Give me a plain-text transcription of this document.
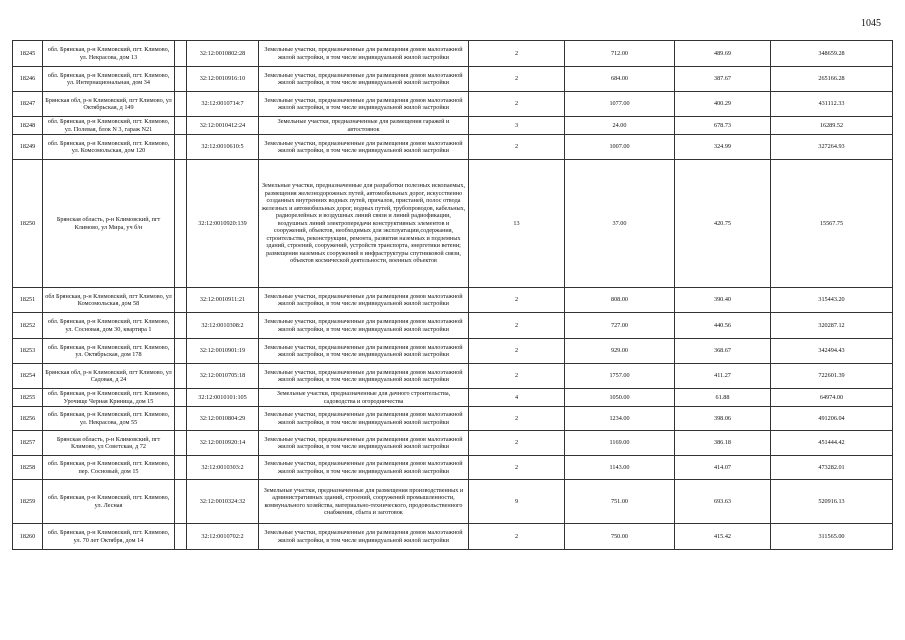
1045
18245	обл. Брянская, р-н Климовский, пгт. Климово, ул. Некрасова, дом 13		32:12:0010802:28	Земельные участки, предназначенные для размещения домов малоэтажной жилой застройки, в том числе индивидуальной жилой застройки	2	712.00	489.69	348659.28
18246	обл. Брянская, р-н Климовский, пгт. Климово, ул. Интернациональная, дом 34		32:12:0010916:10	Земельные участки, предназначенные для размещения домов малоэтажной жилой застройки, в том числе индивидуальной жилой застройки	2	684.00	387.67	265166.28
18247	Брянская обл, р-н Климовский, пгт Климово, ул Октябрьская, д 149		32:12:0010714:7	Земельные участки, предназначенные для размещения домов малоэтажной жилой застройки, в том числе индивидуальной жилой застройки	2	1077.00	400.29	431112.33
18248	обл. Брянская, р-н Климовский, пгт. Климово, ул. Полевая, блок N 3, гараж N21		32:12:0010412:24	Земельные участки, предназначенные для размещения гаражей и автостоянок	3	24.00	678.73	16289.52
18249	обл. Брянская, р-н Климовский, пгт. Климово, ул. Комсомольская, дом 120		32:12:0010610:5	Земельные участки, предназначенные для размещения домов малоэтажной жилой застройки, в том числе индивидуальной жилой застройки	2	1007.00	324.99	327264.93
18250	Брянская область, р-н Климовский, пгт Климово, ул Мира, уч б/н		32:12:0010920:139	Земельные участки, предназначенные для разработки полезных ископаемых, размещения железнодорожных путей, автомобильных дорог, искусственно созданных внутренних водных путей, причалов, пристаней, полос отвода железных и автомобильных дорог, водных путей, трубопроводов, кабельных, радиорелейных и воздушных линий связи и линий радиофикации, воздушных линий электропередачи конструктивных элементов и сооружений, объектов, необходимых для эксплуатации,содержания, строительства, реконструкции, ремонта, развития наземных и подземных зданий, строений, сооружений, устройств транспорта, энергетики ветени; размещения наземных сооружений в инфраструктуры спутниковой связи, объектов космической деятельности, военных объектов	13	37.00	420.75	15567.75
18251	обл Брянская, р-н Климовский, пгт Климово, ул Комсомольская, дом 58		32:12:0010911:21	Земельные участки, предназначенные для размещения домов малоэтажной жилой застройки, в том числе индивидуальной жилой застройки	2	808.00	390.40	315443.20
18252	обл. Брянская, р-н Климовский, пгт. Климово, ул. Сосновая, дом 30, квартира 1		32:12:0010308:2	Земельные участки, предназначенные для размещения домов малоэтажной жилой застройки, в том числе индивидуальной жилой застройки	2	727.00	440.56	320287.12
18253	обл. Брянская, р-н Климовский, пгт. Климово, ул. Октябрьская, дом 178		32:12:0010901:19	Земельные участки, предназначенные для размещения домов малоэтажной жилой застройки, в том числе индивидуальной жилой застройки	2	929.00	368.67	342494.43
18254	Брянская обл, р-н Климовский, пгт Климово, ул Садовая, д 24		32:12:0010705:18	Земельные участки, предназначенные для размещения домов малоэтажной жилой застройки, в том числе индивидуальной жилой застройки	2	1757.00	411.27	722601.39
18255	обл. Брянская, р-н Климовский, пгт. Климово, Урочище Черная Криница, дом 15		32:12:0010101:105	Земельные участки, предназначенные для дачного строительства, садоводства и огородничества	4	1050.00	61.88	64974.00
18256	обл. Брянская, р-н Климовский, пгт. Климово, ул. Некрасова, дом 55		32:12:0010804:29	Земельные участки, предназначенные для размещения домов малоэтажной жилой застройки, в том числе индивидуальной жилой застройки	2	1234.00	398.06	491206.04
18257	Брянская область, р-н Климовский, пгт Климово, ул Советская, д 72		32:12:0010920:14	Земельные участки, предназначенные для размещения домов малоэтажной жилой застройки, в том числе индивидуальной жилой застройки	2	1169.00	386.18	451444.42
18258	обл. Брянская, р-н Климовский, пгт. Климово, пер. Сосновый, дом 15		32:12:0010303:2	Земельные участки, предназначенные для размещения домов малоэтажной жилой застройки, в том числе индивидуальной жилой застройки	2	1143.00	414.07	473282.01
18259	обл. Брянская, р-н Климовский, пгт. Климово, ул. Лесная		32:12:0010324:32	Земельные участки, предназначенные для размещения производственных и административных зданий, строений, сооружений промышленности, коммунального хозяйства, материально-технического, продовольственного снабжения, сбыта и заготовок	9	751.00	693.63	520916.13
18260	обл. Брянская, р-н Климовский, пгт. Климово, ул. 70 лет Октября, дом 14		32:12:0010702:2	Земельные участки, предназначенные для размещения домов малоэтажной жилой застройки, в том числе индивидуальной жилой застройки	2	750.00	415.42	311565.00
